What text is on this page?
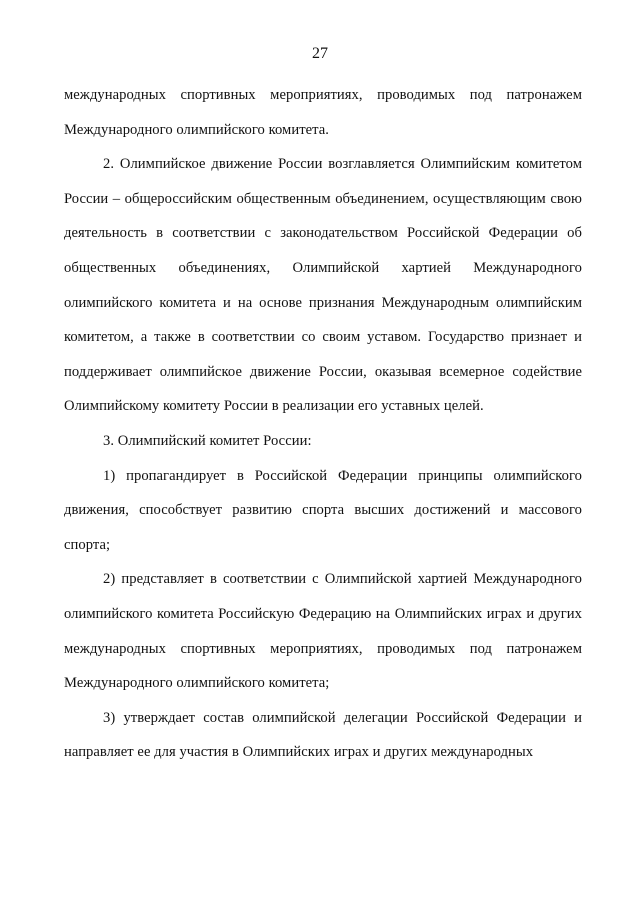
27

международных спортивных мероприятиях, проводимых под патронажем Международного олимпийского комитета.

2. Олимпийское движение России возглавляется Олимпийским комитетом России – общероссийским общественным объединением, осуществляющим свою деятельность в соответствии с законодательством Российской Федерации об общественных объединениях, Олимпийской хартией Международного олимпийского комитета и на основе признания Международным олимпийским комитетом, а также в соответствии со своим уставом. Государство признает и поддерживает олимпийское движение России, оказывая всемерное содействие Олимпийскому комитету России в реализации его уставных целей.

3. Олимпийский комитет России:

1) пропагандирует в Российской Федерации принципы олимпийского движения, способствует развитию спорта высших достижений и массового спорта;

2) представляет в соответствии с Олимпийской хартией Международного олимпийского комитета Российскую Федерацию на Олимпийских играх и других международных спортивных мероприятиях, проводимых под патронажем Международного олимпийского комитета;

3) утверждает состав олимпийской делегации Российской Федерации и направляет ее для участия в Олимпийских играх и других международных
